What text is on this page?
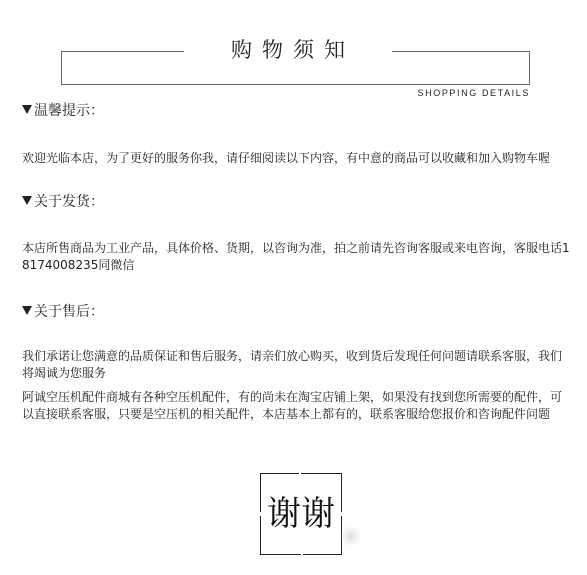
购物须知
SHOPPING DETAILS
温馨提示：
欢迎光临本店，为了更好的服务你我，请仔细阅读以下内容，有中意的商品可以收藏和加入购物车喔
关于发货：
本店所售商品为工业产品，具体价格、货期，以咨询为准，拍之前请先咨询客服或来电咨询，客服电话18174008235同微信
关于售后：
我们承诺让您满意的品质保证和售后服务，请亲们放心购买，收到货后发现任何问题请联系客服，我们将竭诚为您服务
阿诚空压机配件商城有各种空压机配件，有的尚未在淘宝店铺上架，如果没有找到您所需要的配件，可以直接联系客服，只要是空压机的相关配件，本店基本上都有的，联系客服给您报价和咨询配件问题
谢谢
